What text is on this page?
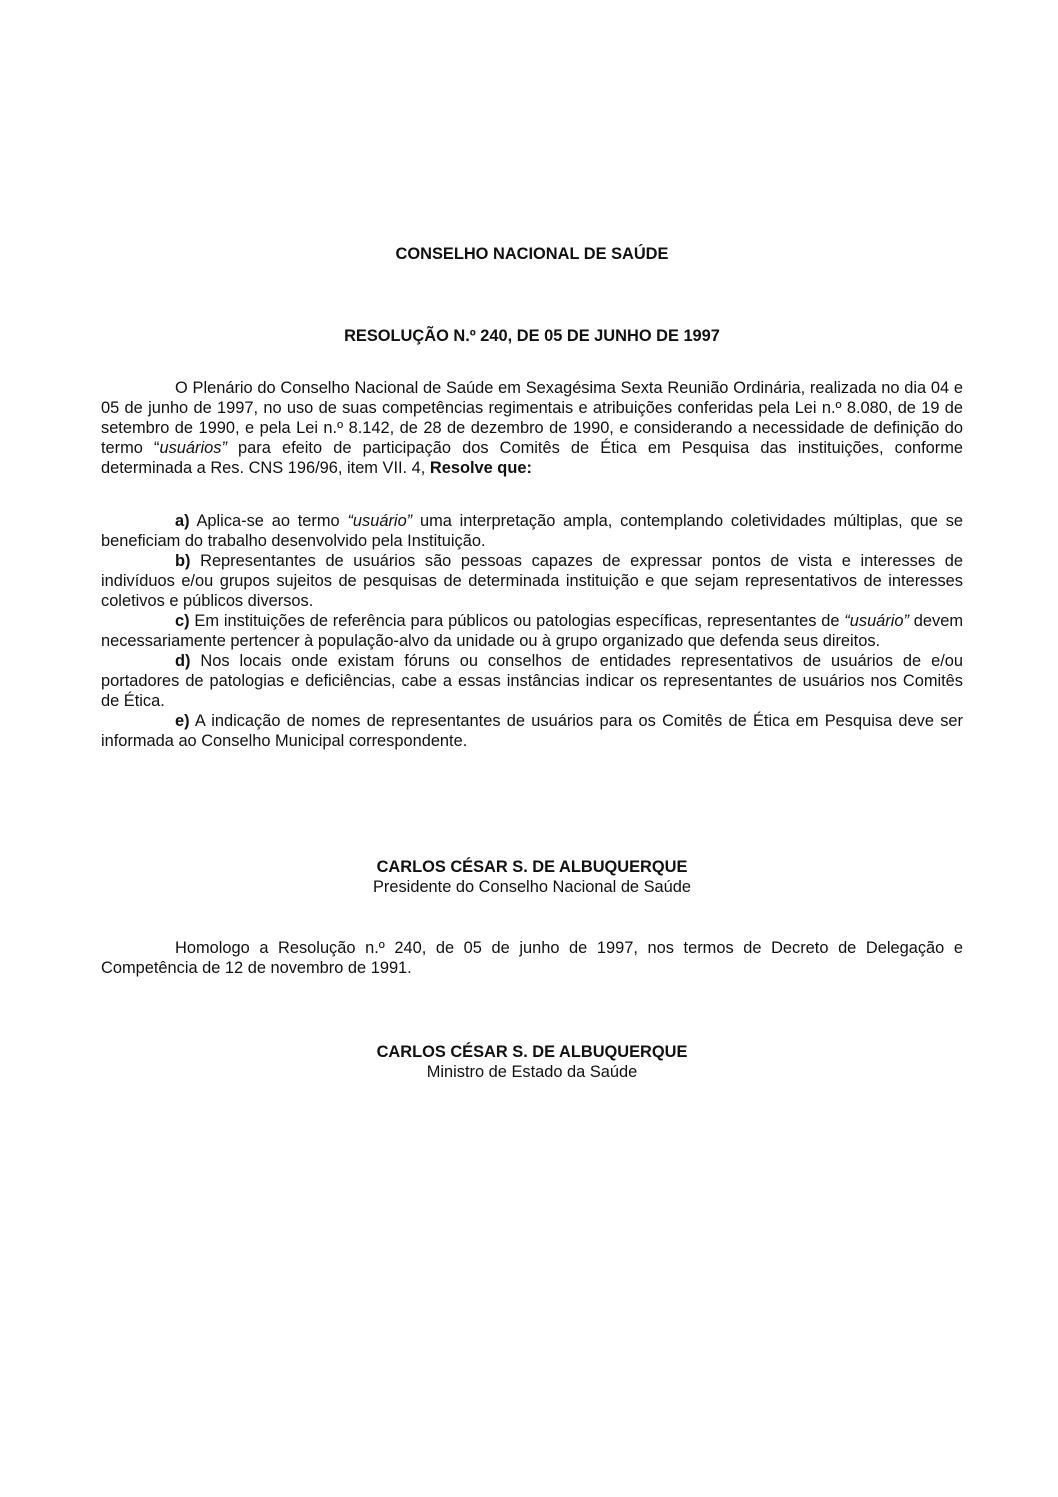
CONSELHO NACIONAL DE SAÚDE

RESOLUÇÃO N.º 240, DE 05 DE JUNHO DE 1997

O Plenário do Conselho Nacional de Saúde em Sexagésima Sexta Reunião Ordinária, realizada no dia 04 e 05 de junho de 1997, no uso de suas competências regimentais e atribuições conferidas pela Lei n.º 8.080, de 19 de setembro de 1990, e pela Lei n.º 8.142, de 28 de dezembro de 1990, e considerando a necessidade de definição do termo “usuários” para efeito de participação dos Comitês de Ética em Pesquisa das instituições, conforme determinada a Res. CNS 196/96, item VII. 4, Resolve que:

a) Aplica-se ao termo “usuário” uma interpretação ampla, contemplando coletividades múltiplas, que se beneficiam do trabalho desenvolvido pela Instituição.

b) Representantes de usuários são pessoas capazes de expressar pontos de vista e interesses de indivíduos e/ou grupos sujeitos de pesquisas de determinada instituição e que sejam representativos de interesses coletivos e públicos diversos.

c) Em instituições de referência para públicos ou patologias específicas, representantes de “usuário” devem necessariamente pertencer à população-alvo da unidade ou à grupo organizado que defenda seus direitos.

d) Nos locais onde existam fóruns ou conselhos de entidades representativos de usuários de e/ou portadores de patologias e deficiências, cabe a essas instâncias indicar os representantes de usuários nos Comitês de Ética.

e) A indicação de nomes de representantes de usuários para os Comitês de Ética em Pesquisa deve ser informada ao Conselho Municipal correspondente.

CARLOS CÉSAR S. DE ALBUQUERQUE
Presidente do Conselho Nacional de Saúde

Homologo a Resolução n.º 240, de 05 de junho de 1997, nos termos de Decreto de Delegação e Competência de 12 de novembro de 1991.

CARLOS CÉSAR S. DE ALBUQUERQUE
Ministro de Estado da Saúde
